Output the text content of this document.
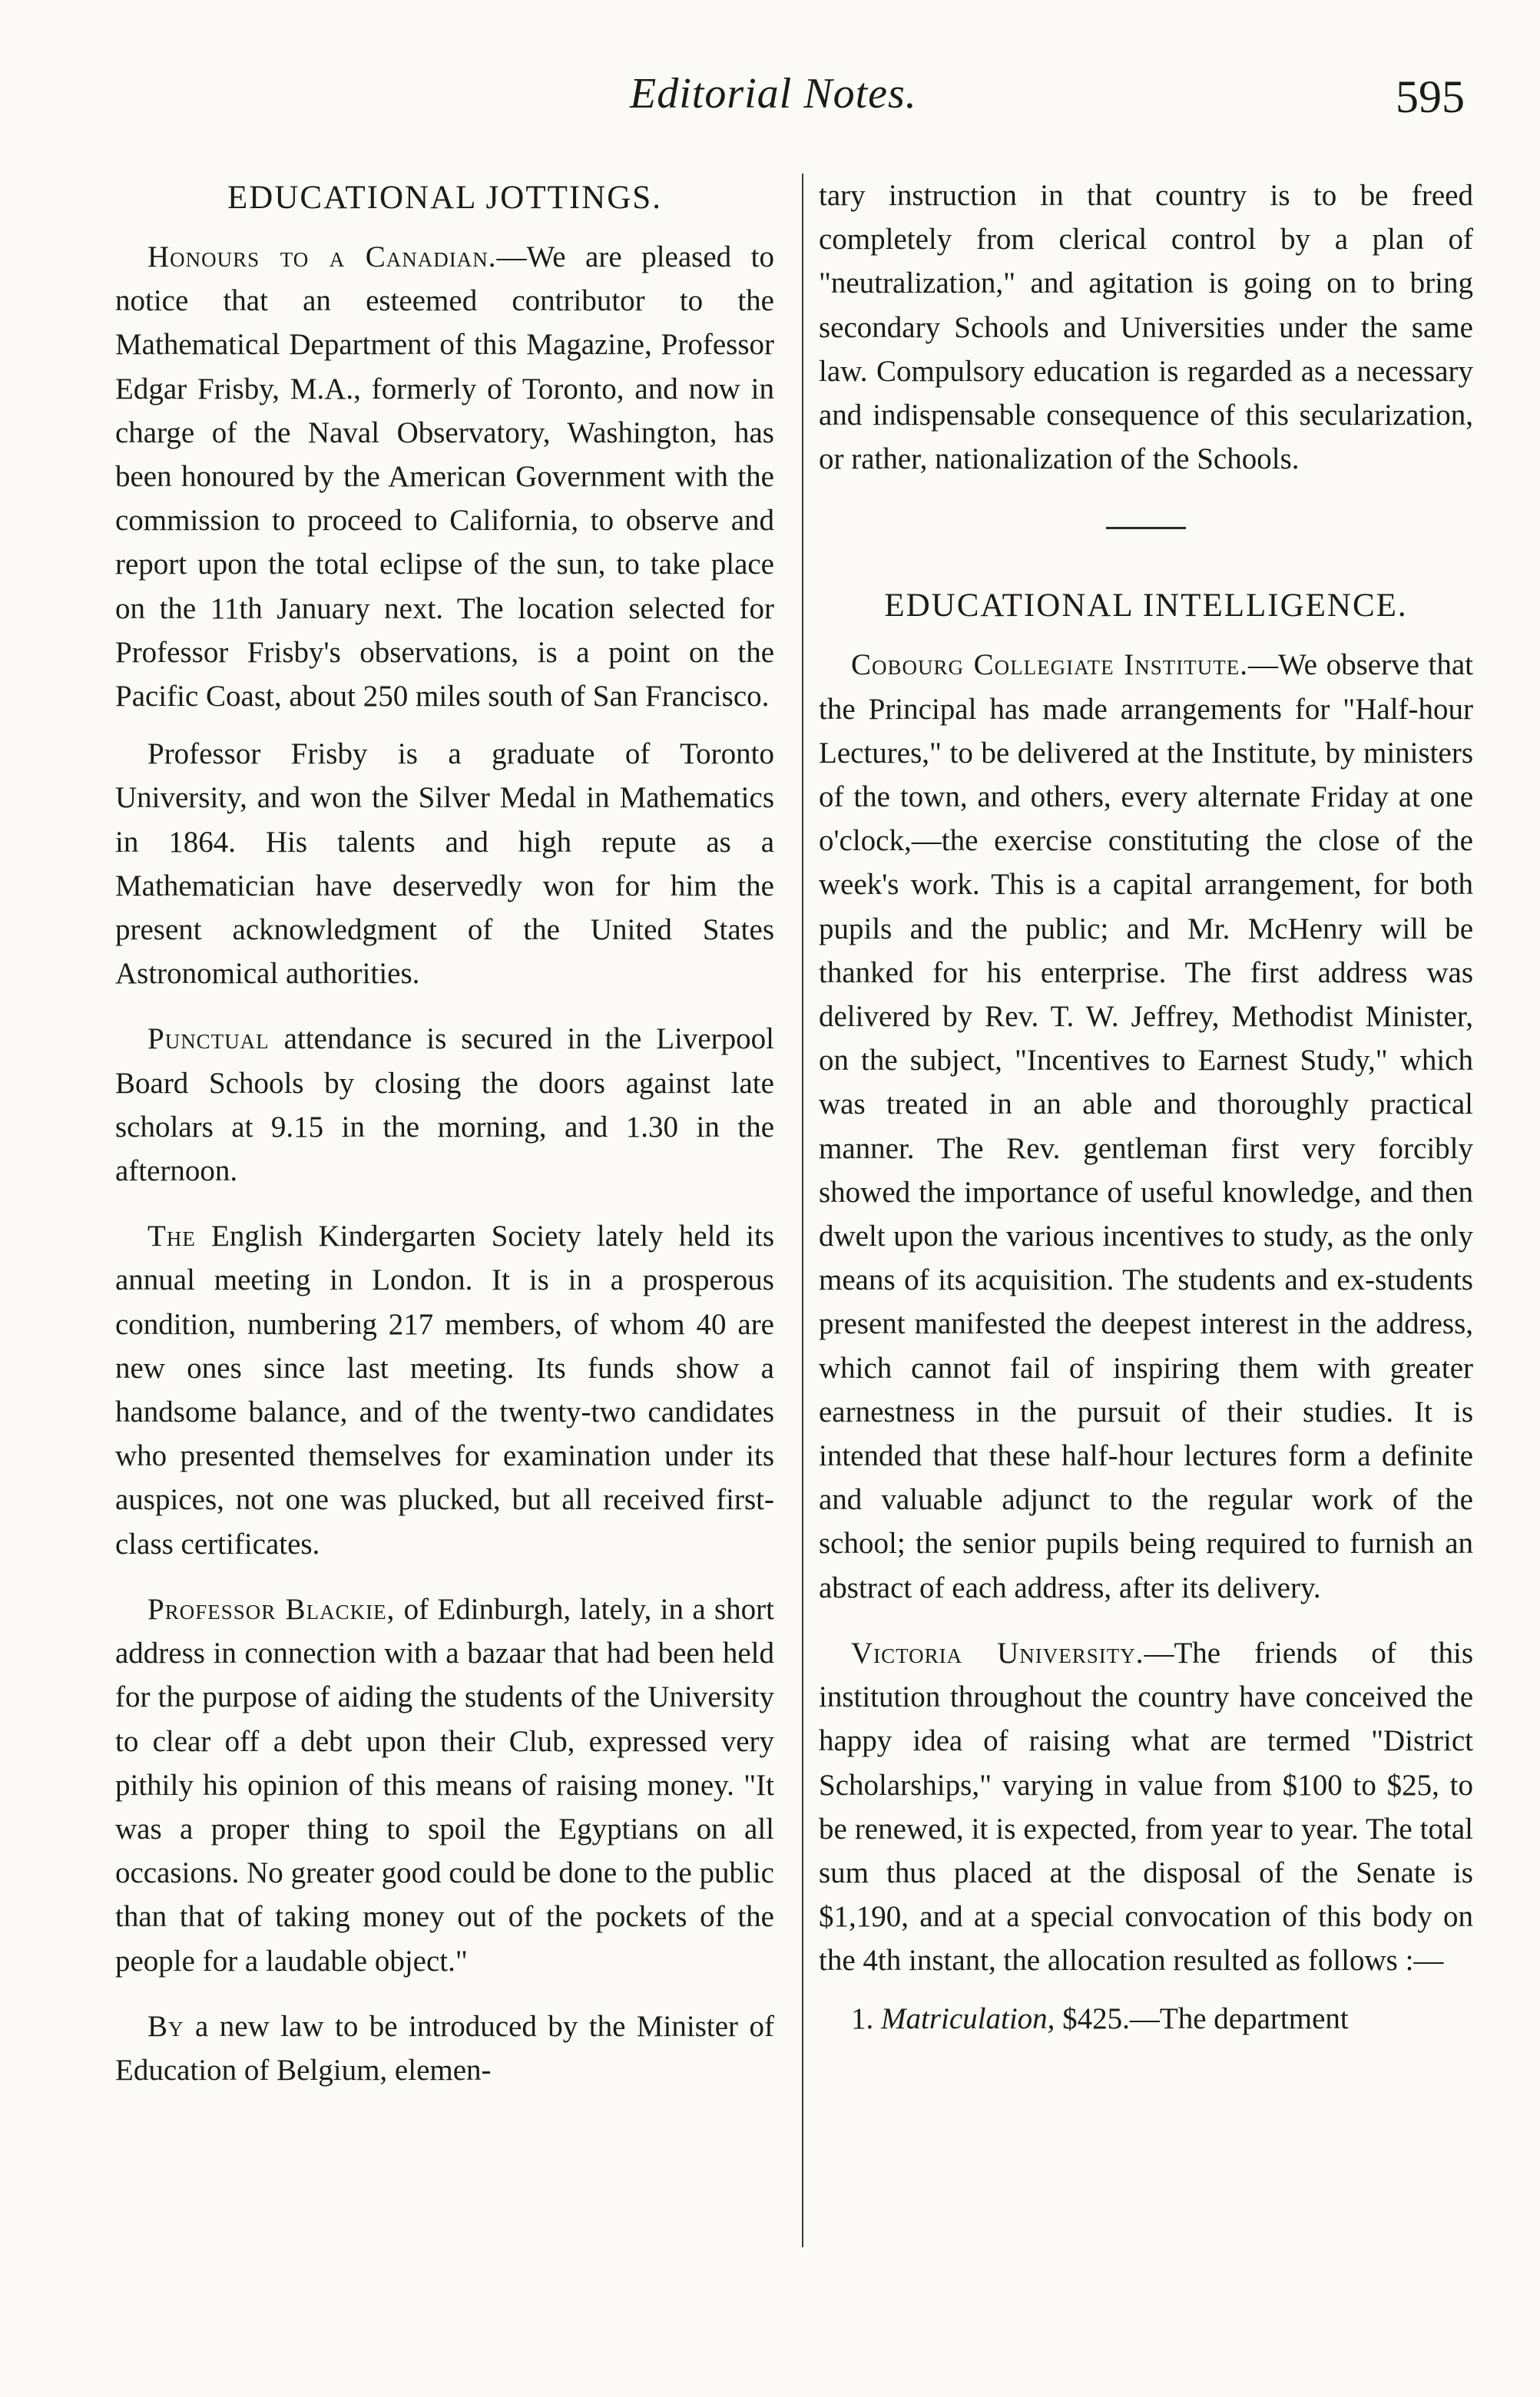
Editorial Notes.	595
EDUCATIONAL JOTTINGS.

Honours to a Canadian.—We are pleased to notice that an esteemed contributor to the Mathematical Department of this Magazine, Professor Edgar Frisby, M.A., formerly of Toronto, and now in charge of the Naval Observatory, Washington, has been honoured by the American Government with the commission to proceed to California, to observe and report upon the total eclipse of the sun, to take place on the 11th January next. The location selected for Professor Frisby's observations, is a point on the Pacific Coast, about 250 miles south of San Francisco.

Professor Frisby is a graduate of Toronto University, and won the Silver Medal in Mathematics in 1864. His talents and high repute as a Mathematician have deservedly won for him the present acknowledgment of the United States Astronomical authorities.

Punctual attendance is secured in the Liverpool Board Schools by closing the doors against late scholars at 9.15 in the morning, and 1.30 in the afternoon.

The English Kindergarten Society lately held its annual meeting in London. It is in a prosperous condition, numbering 217 members, of whom 40 are new ones since last meeting. Its funds show a handsome balance, and of the twenty-two candidates who presented themselves for examination under its auspices, not one was plucked, but all received first-class certificates.

Professor Blackie, of Edinburgh, lately, in a short address in connection with a bazaar that had been held for the purpose of aiding the students of the University to clear off a debt upon their Club, expressed very pithily his opinion of this means of raising money. "It was a proper thing to spoil the Egyptians on all occasions. No greater good could be done to the public than that of taking money out of the pockets of the people for a laudable object."

By a new law to be introduced by the Minister of Education of Belgium, elemen-

tary instruction in that country is to be freed completely from clerical control by a plan of "neutralization," and agitation is going on to bring secondary Schools and Universities under the same law. Compulsory education is regarded as a necessary and indispensable consequence of this secularization, or rather, nationalization of the Schools.

EDUCATIONAL INTELLIGENCE.

Cobourg Collegiate Institute.—We observe that the Principal has made arrangements for "Half-hour Lectures," to be delivered at the Institute, by ministers of the town, and others, every alternate Friday at one o'clock,—the exercise constituting the close of the week's work. This is a capital arrangement, for both pupils and the public; and Mr. McHenry will be thanked for his enterprise. The first address was delivered by Rev. T. W. Jeffrey, Methodist Minister, on the subject, "Incentives to Earnest Study," which was treated in an able and thoroughly practical manner. The Rev. gentleman first very forcibly showed the importance of useful knowledge, and then dwelt upon the various incentives to study, as the only means of its acquisition. The students and ex-students present manifested the deepest interest in the address, which cannot fail of inspiring them with greater earnestness in the pursuit of their studies. It is intended that these half-hour lectures form a definite and valuable adjunct to the regular work of the school; the senior pupils being required to furnish an abstract of each address, after its delivery.

Victoria University.—The friends of this institution throughout the country have conceived the happy idea of raising what are termed "District Scholarships," varying in value from $100 to $25, to be renewed, it is expected, from year to year. The total sum thus placed at the disposal of the Senate is $1,190, and at a special convocation of this body on the 4th instant, the allocation resulted as follows :—

1. Matriculation, $425.—The department
